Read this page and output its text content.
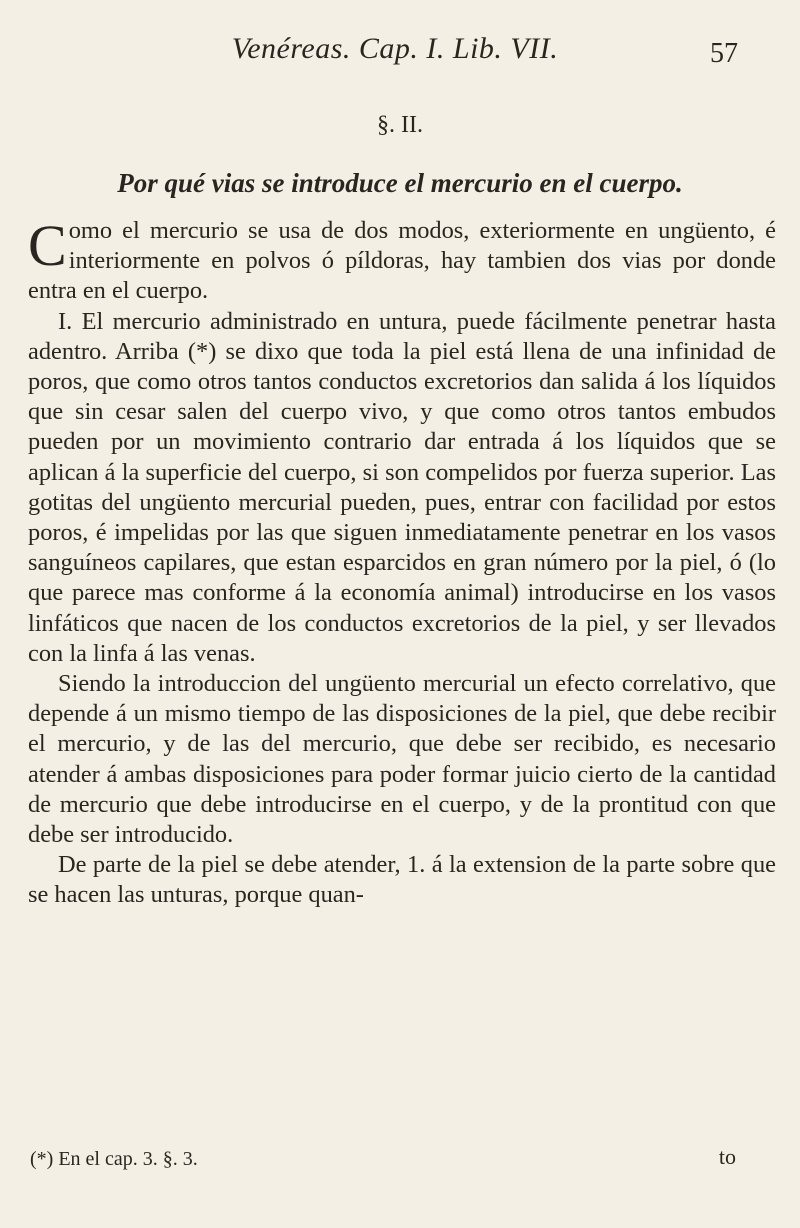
Venéreas. Cap. I. Lib. VII.	57
§. II.
Por qué vias se introduce el mercurio en el cuerpo.

Como el mercurio se usa de dos modos, exteriormente en ungüento, é interiormente en polvos ó píldoras, hay tambien dos vias por donde entra en el cuerpo.

I. El mercurio administrado en untura, puede fácilmente penetrar hasta adentro. Arriba (*) se dixo que toda la piel está llena de una infinidad de poros, que como otros tantos conductos excretorios dan salida á los líquidos que sin cesar salen del cuerpo vivo, y que como otros tantos embudos pueden por un movimiento contrario dar entrada á los líquidos que se aplican á la superficie del cuerpo, si son compelidos por fuerza superior. Las gotitas del ungüento mercurial pueden, pues, entrar con facilidad por estos poros, é impelidas por las que siguen inmediatamente penetrar en los vasos sanguíneos capilares, que estan esparcidos en gran número por la piel, ó (lo que parece mas conforme á la economía animal) introducirse en los vasos linfáticos que nacen de los conductos excretorios de la piel, y ser llevados con la linfa á las venas.

Siendo la introduccion del ungüento mercurial un efecto correlativo, que depende á un mismo tiempo de las disposiciones de la piel, que debe recibir el mercurio, y de las del mercurio, que debe ser recibido, es necesario atender á ambas disposiciones para poder formar juicio cierto de la cantidad de mercurio que debe introducirse en el cuerpo, y de la prontitud con que debe ser introducido.

De parte de la piel se debe atender, 1. á la extension de la parte sobre que se hacen las unturas, porque quan-

(*) En el cap. 3. §. 3.	to
